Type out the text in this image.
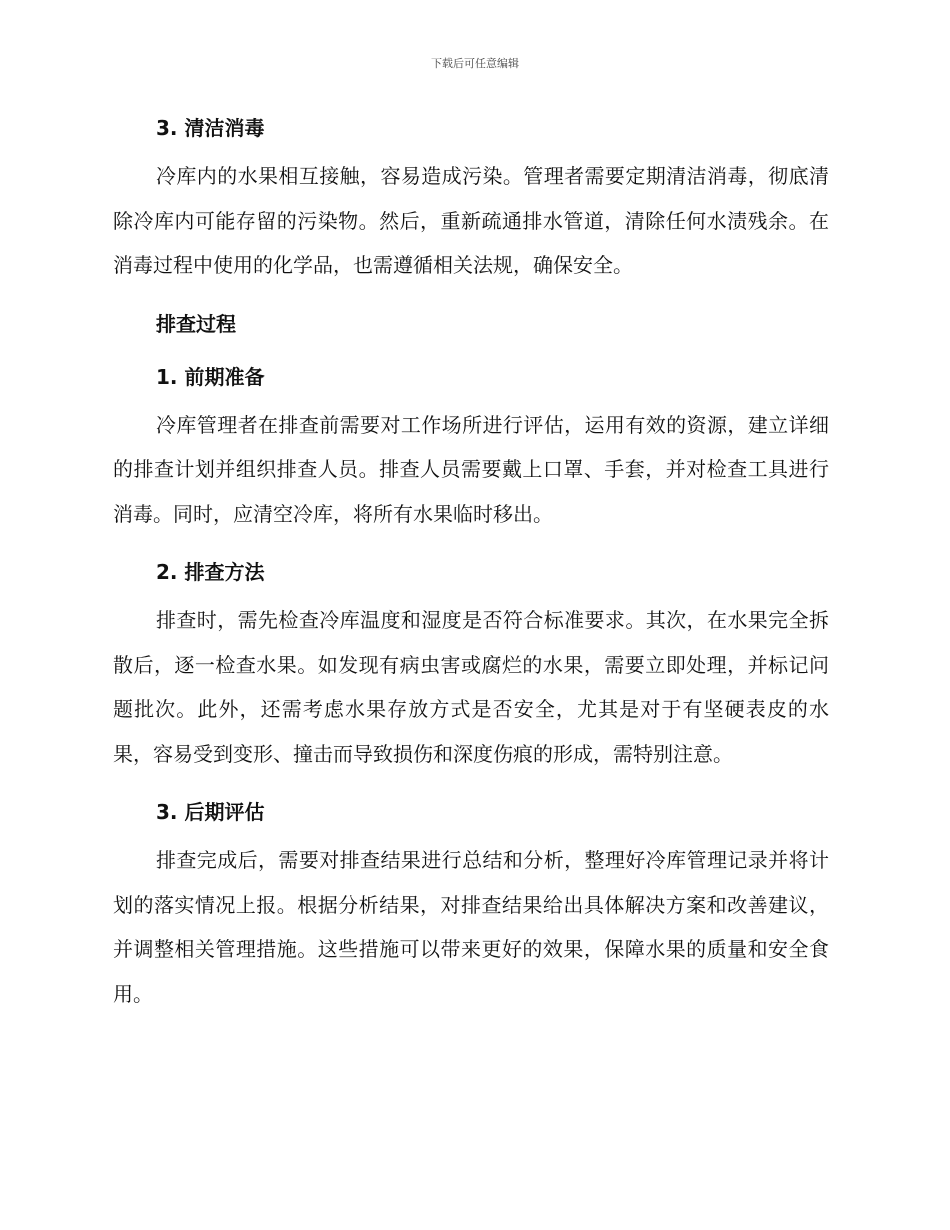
下载后可任意编辑
3. 清洁消毒

冷库内的水果相互接触，容易造成污染。管理者需要定期清洁消毒，彻底清除冷库内可能存留的污染物。然后，重新疏通排水管道，清除任何水渍残余。在消毒过程中使用的化学品，也需遵循相关法规，确保安全。

排查过程
1. 前期准备

冷库管理者在排查前需要对工作场所进行评估，运用有效的资源，建立详细的排查计划并组织排查人员。排查人员需要戴上口罩、手套，并对检查工具进行消毒。同时，应清空冷库，将所有水果临时移出。

2. 排查方法

排查时，需先检查冷库温度和湿度是否符合标准要求。其次，在水果完全拆散后，逐一检查水果。如发现有病虫害或腐烂的水果，需要立即处理，并标记问题批次。此外，还需考虑水果存放方式是否安全，尤其是对于有坚硬表皮的水果，容易受到变形、撞击而导致损伤和深度伤痕的形成，需特别注意。

3. 后期评估

排查完成后，需要对排查结果进行总结和分析，整理好冷库管理记录并将计划的落实情况上报。根据分析结果，对排查结果给出具体解决方案和改善建议，并调整相关管理措施。这些措施可以带来更好的效果，保障水果的质量和安全食用。
